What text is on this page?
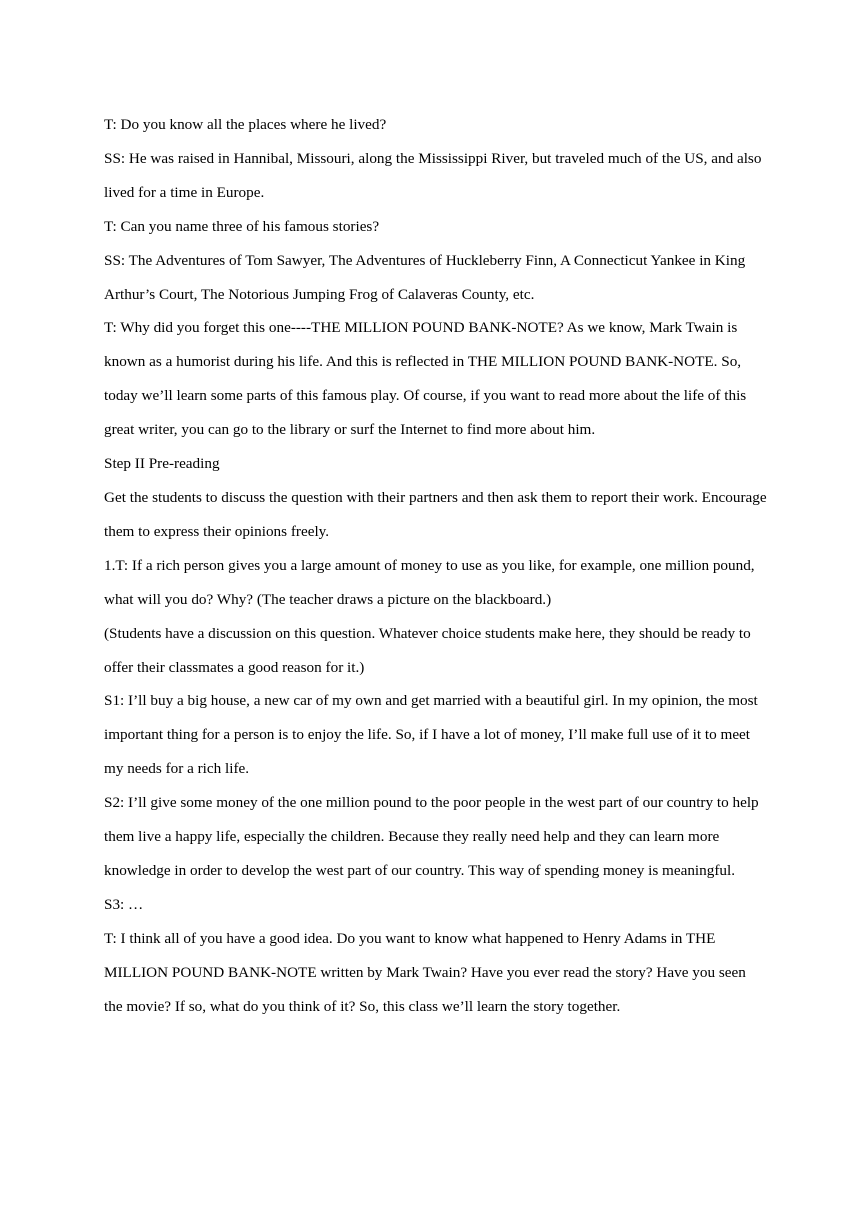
T: Do you know all the places where he lived?

SS: He was raised in Hannibal, Missouri, along the Mississippi River, but traveled much of the US, and also lived for a time in Europe.

T: Can you name three of his famous stories?

SS: The Adventures of Tom Sawyer, The Adventures of Huckleberry Finn, A Connecticut Yankee in King Arthur’s Court, The Notorious Jumping Frog of Calaveras County, etc.

T: Why did you forget this one----THE MILLION POUND BANK-NOTE? As we know, Mark Twain is known as a humorist during his life. And this is reflected in THE MILLION POUND BANK-NOTE. So, today we’ll learn some parts of this famous play. Of course, if you want to read more about the life of this great writer, you can go to the library or surf the Internet to find more about him.

Step II Pre-reading

Get the students to discuss the question with their partners and then ask them to report their work. Encourage them to express their opinions freely.

1.T: If a rich person gives you a large amount of money to use as you like, for example, one million pound, what will you do? Why? (The teacher draws a picture on the blackboard.)

(Students have a discussion on this question. Whatever choice students make here, they should be ready to offer their classmates a good reason for it.)

S1: I’ll buy a big house, a new car of my own and get married with a beautiful girl. In my opinion, the most important thing for a person is to enjoy the life. So, if I have a lot of money, I’ll make full use of it to meet my needs for a rich life.

S2: I’ll give some money of the one million pound to the poor people in the west part of our country to help them live a happy life, especially the children. Because they really need help and they can learn more knowledge in order to develop the west part of our country. This way of spending money is meaningful.

S3: …

T: I think all of you have a good idea. Do you want to know what happened to Henry Adams in THE MILLION POUND BANK-NOTE written by Mark Twain? Have you ever read the story? Have you seen the movie? If so, what do you think of it? So, this class we’ll learn the story together.
